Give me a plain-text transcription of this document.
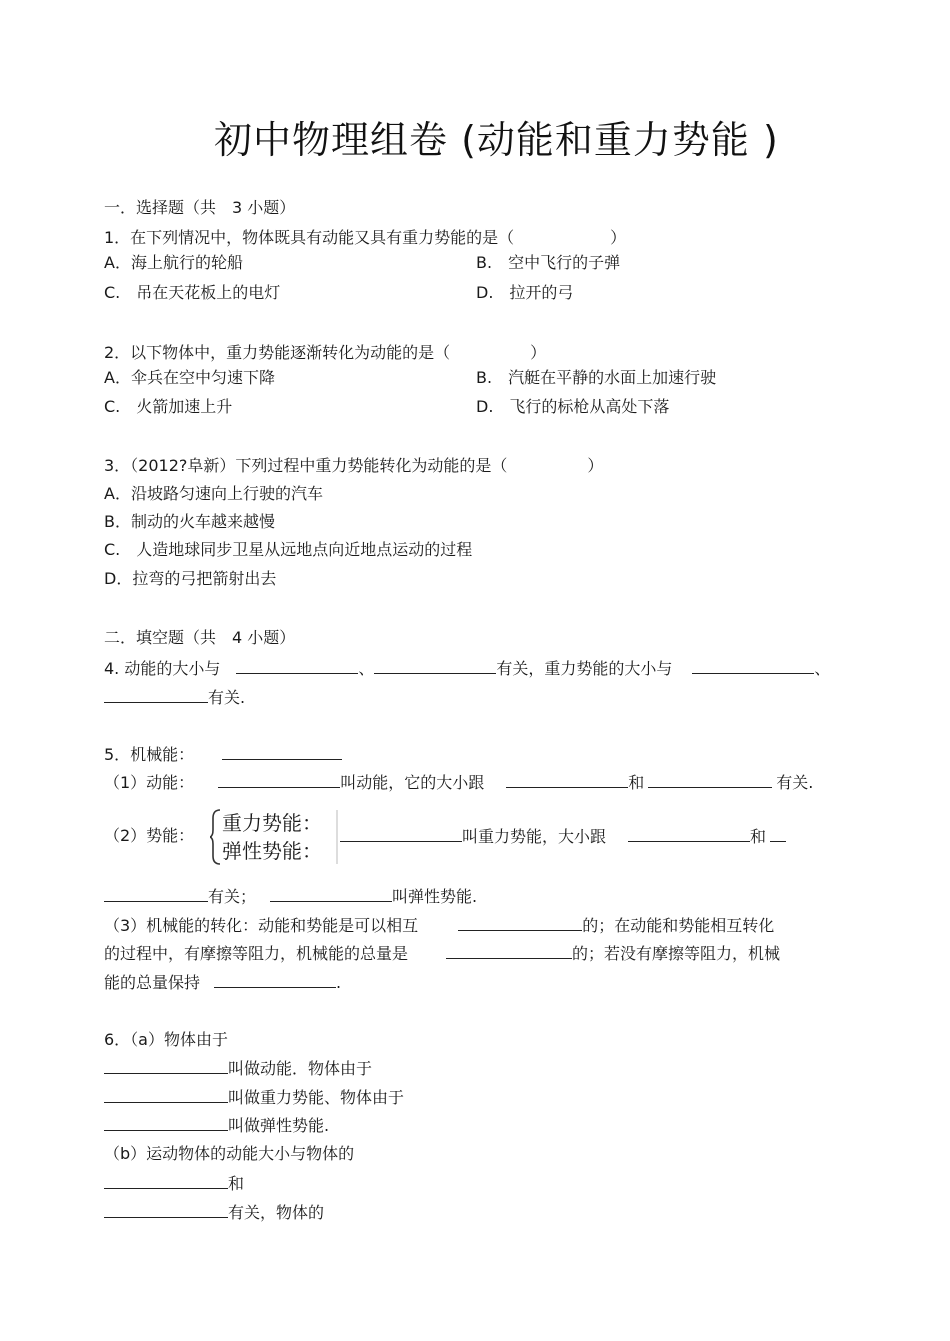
初中物理组卷 (动能和重力势能 )
一．选择题（共　3 小题）
1．在下列情况中，物体既具有动能又具有重力势能的是（　　　　　　）
A．海上航行的轮船	B.　空中飞行的子弹
C.　吊在天花板上的电灯	D.　拉开的弓
2．以下物体中，重力势能逐渐转化为动能的是（　　　　　）
A．伞兵在空中匀速下降	B.　汽艇在平静的水面上加速行驶
C.　火箭加速上升	D.　飞行的标枪从高处下落
3．（2012?阜新）下列过程中重力势能转化为动能的是（　　　　　）
A．沿坡路匀速向上行驶的汽车
B．制动的火车越来越慢
C.　人造地球同步卫星从远地点向近地点运动的过程
D．拉弯的弓把箭射出去
二．填空题（共　4 小题）
4. 动能的大小与	、	有关，重力势能的大小与	、
有关.
5．机械能：
（1）动能：	叫动能，它的大小跟	和	有关.
（2）势能：
重力势能：
弹性势能：
叫重力势能，大小跟	和
有关；	叫弹性势能.
（3）机械能的转化：动能和势能是可以相互	的；在动能和势能相互转化
的过程中，有摩擦等阻力，机械能的总量是	的；若没有摩擦等阻力，机械
能的总量保持	.
6．（a）物体由于
叫做动能．物体由于
叫做重力势能、物体由于
叫做弹性势能.
（b）运动物体的动能大小与物体的
和
有关，物体的
